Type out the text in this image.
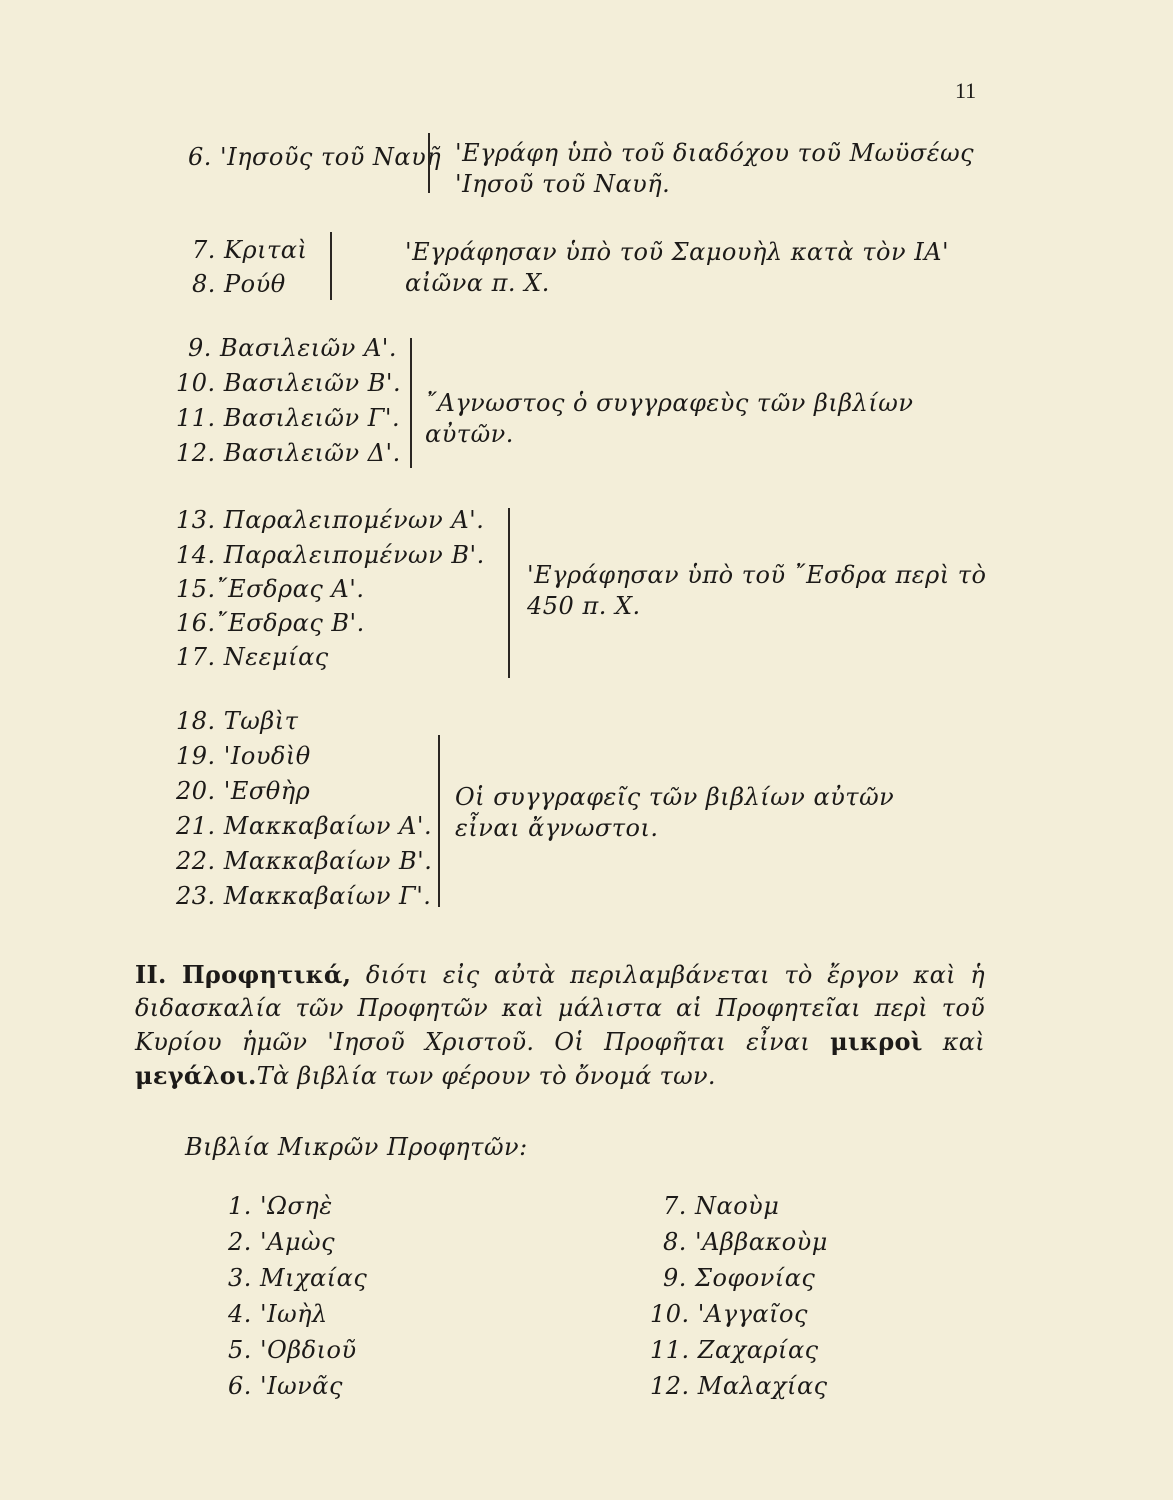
11
6. 'Ιησοῦς τοῦ Ναυῆ 'Εγράφη ὑπὸ τοῦ διαδόχου τοῦ Μωϋσέως 'Ιησοῦ τοῦ Ναυῆ.
7. Κριταὶ
8. Ρούθ
'Εγράφησαν ὑπὸ τοῦ Σαμουὴλ κατὰ τὸν ΙΑ' αἰῶνα π. Χ.
9. Βασιλειῶν Α'.
10. Βασιλειῶν Β'.
11. Βασιλειῶν Γ'.
12. Βασιλειῶν Δ'.
῎Αγνωστος ὁ συγγραφεὺς τῶν βιβλίων αὐτῶν.
13. Παραλειπομένων Α'.
14. Παραλειπομένων Β'.
15.῎Εσδρας Α'.
16.῎Εσδρας Β'.
17. Νεεμίας
'Εγράφησαν ὑπὸ τοῦ ῎Εσδρα περὶ τὸ 450 π. Χ.
18. Τωβὶτ
19. 'Ιουδὶθ
20. 'Εσθὴρ
21. Μακκαβαίων Α'.
22. Μακκαβαίων Β'.
23. Μακκαβαίων Γ'.
Οἱ συγγραφεῖς τῶν βιβλίων αὐτῶν εἶναι ἄγνωστοι.
ΙΙ. Προφητικά, διότι εἰς αὐτὰ περιλαμβάνεται τὸ ἔργον καὶ ἡ διδασκαλία τῶν Προφητῶν καὶ μάλιστα αἱ Προφητεῖαι περὶ τοῦ Κυρίου ἡμῶν 'Ιησοῦ Χριστοῦ. Οἱ Προφῆται εἶναι μικροὶ καὶ μεγάλοι.Τὰ βιβλία των φέρουν τὸ ὄνομά των.
Βιβλία Μικρῶν Προφητῶν:
1. 'Ωσηὲ
2. 'Αμὼς
3. Μιχαίας
4. 'Ιωὴλ
5. 'Οβδιοῦ
6. 'Ιωνᾶς
7. Ναοὺμ
8. 'Αββακοὺμ
9. Σοφονίας
10. 'Αγγαῖος
11. Ζαχαρίας
12. Μαλαχίας
